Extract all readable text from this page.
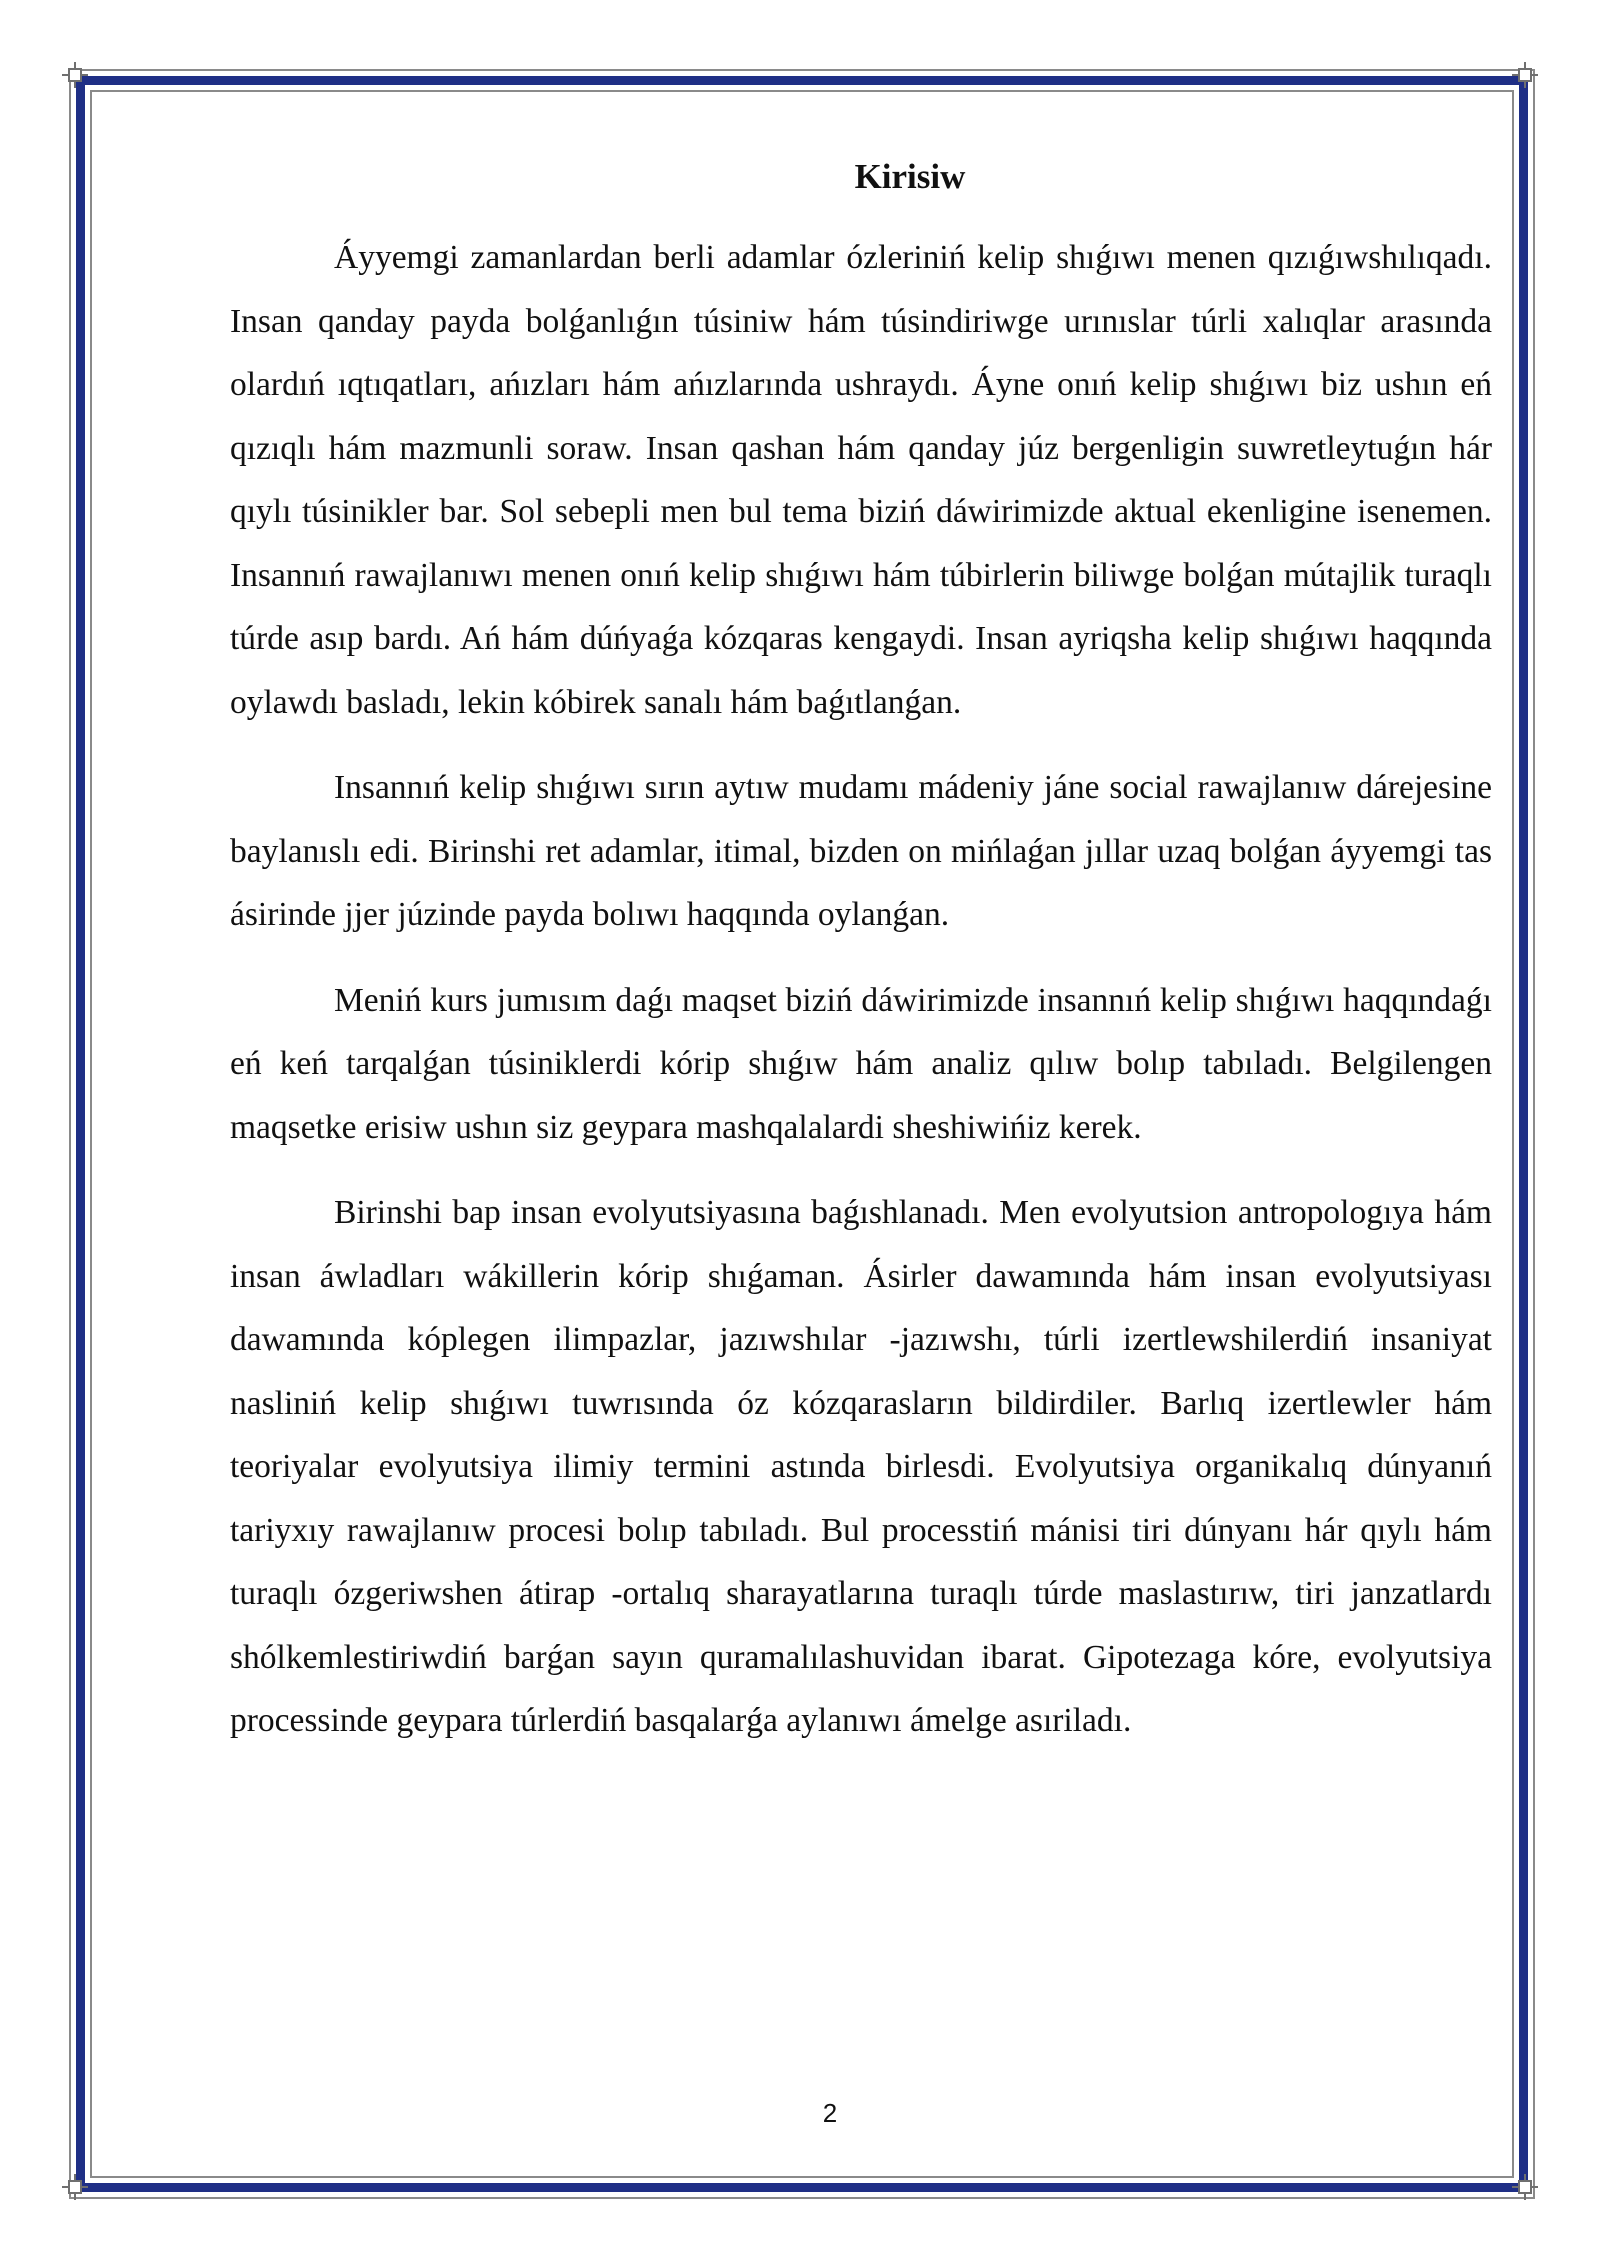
Kirisiw

Áyyemgi zamanlardan berli adamlar ózleriniń kelip shıǵıwı menen qızıǵıwshılıqadı. Insan qanday payda bolǵanlıǵın túsiniw hám túsindiriwge urınıslar túrli xalıqlar arasında olardıń ıqtıqatları, ańızları hám ańızlarında ushraydı. Áyne onıń kelip shıǵıwı biz ushın eń qızıqlı hám mazmunli soraw. Insan qashan hám qanday júz bergenligin suwretleytuǵın hár qıylı túsinikler bar. Sol sebepli men bul tema biziń dáwirimizde aktual ekenligine isenemen. Insannıń rawajlanıwı menen onıń kelip shıǵıwı hám túbirlerin biliwge bolǵan mútajlik turaqlı túrde asıp bardı. Ań hám dúńyaǵa kózqaras kengaydi. Insan ayriqsha kelip shıǵıwı haqqında oylawdı basladı, lekin kóbirek sanalı hám baǵıtlanǵan.

Insannıń kelip shıǵıwı sırın aytıw mudamı mádeniy jáne social rawajlanıw dárejesine baylanıslı edi. Birinshi ret adamlar, itimal, bizden on mińlaǵan jıllar uzaq bolǵan áyyemgi tas ásirinde jjer júzinde payda bolıwı haqqında oylanǵan.

Meniń kurs jumısım daǵı maqset biziń dáwirimizde insannıń kelip shıǵıwı haqqındaǵı eń keń tarqalǵan túsiniklerdi kórip shıǵıw hám analiz qılıw bolıp tabıladı. Belgilengen maqsetke erisiw ushın siz geypara mashqalalardi sheshiwińiz kerek.

Birinshi bap insan evolyutsiyasına baǵıshlanadı. Men evolyutsion antropologıya hám insan áwladları wákillerin kórip shıǵaman. Ásirler dawamında hám insan evolyutsiyası dawamında kóplegen ilimpazlar, jazıwshılar -jazıwshı, túrli izertlewshilerdiń insaniyat nasliniń kelip shıǵıwı tuwrısında óz kózqarasların bildirdiler. Barlıq izertlewler hám teoriyalar evolyutsiya ilimiy termini astında birlesdi. Evolyutsiya organikalıq dúnyanıń tariyxıy rawajlanıw procesi bolıp tabıladı. Bul processtiń mánisi tiri dúnyanı hár qıylı hám turaqlı ózgeriwshen átirap -ortalıq sharayatlarına turaqlı túrde maslastırıw, tiri janzatlardı shólkemlestiriwdiń barǵan sayın quramalılashuvidan ibarat. Gipotezaga kóre, evolyutsiya processinde geypara túrlerdiń basqalarǵa aylanıwı ámelge asıriladı.

2
